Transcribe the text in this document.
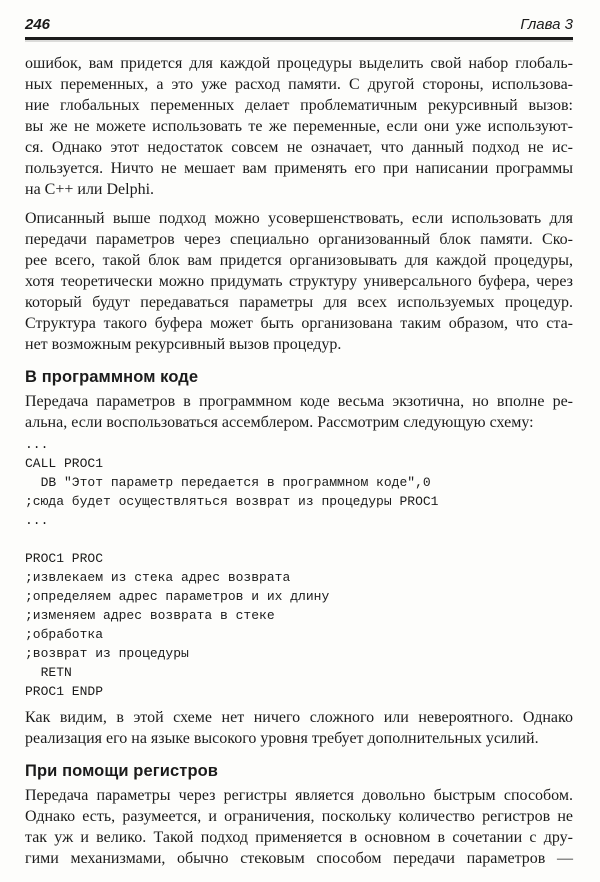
246	Глава 3
ошибок, вам придется для каждой процедуры выделить свой набор глобаль-
ных переменных, а это уже расход памяти. С другой стороны, использова-
ние глобальных переменных делает проблематичным рекурсивный вызов:
вы же не можете использовать те же переменные, если они уже используют-
ся. Однако этот недостаток совсем не означает, что данный подход не ис-
пользуется. Ничто не мешает вам применять его при написании программы
на C++ или Delphi.
Описанный выше подход можно усовершенствовать, если использовать для
передачи параметров через специально организованный блок памяти. Ско-
рее всего, такой блок вам придется организовывать для каждой процедуры,
хотя теоретически можно придумать структуру универсального буфера, через
который будут передаваться параметры для всех используемых процедур.
Структура такого буфера может быть организована таким образом, что ста-
нет возможным рекурсивный вызов процедур.
В программном коде
Передача параметров в программном коде весьма экзотична, но вполне ре-
альна, если воспользоваться ассемблером. Рассмотрим следующую схему:
...
CALL PROC1
DB "Этот параметр передается в программном коде",0
;сюда будет осуществляться возврат из процедуры PROC1
...
PROC1 PROC
;извлекаем из стека адрес возврата
;определяем адрес параметров и их длину
;изменяем адрес возврата в стеке
;обработка
;возврат из процедуры
RETN
PROC1 ENDP
Как видим, в этой схеме нет ничего сложного или невероятного. Однако
реализация его на языке высокого уровня требует дополнительных усилий.
При помощи регистров
Передача параметры через регистры является довольно быстрым способом.
Однако есть, разумеется, и ограничения, поскольку количество регистров не
так уж и велико. Такой подход применяется в основном в сочетании с дру-
гими механизмами, обычно стековым способом передачи параметров —
